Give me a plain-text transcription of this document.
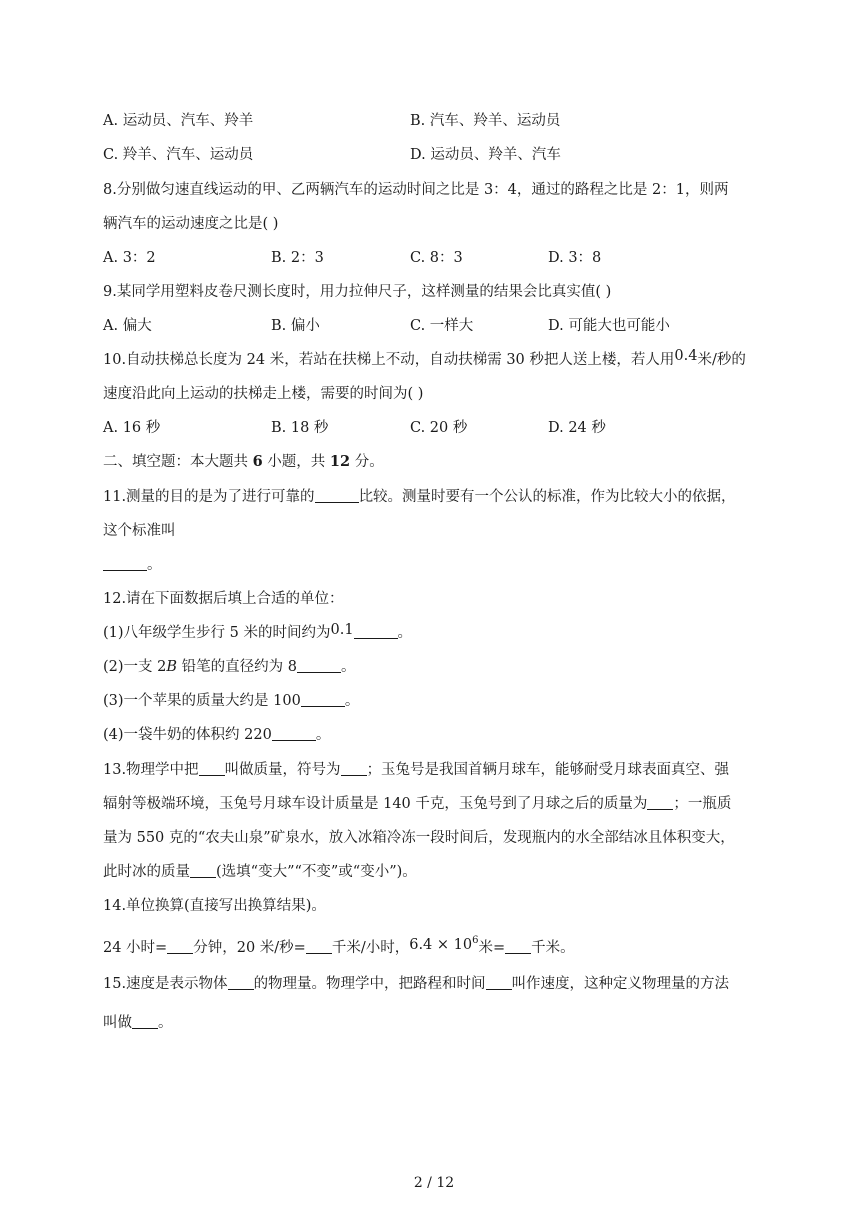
A. 运动员、汽车、羚羊	B. 汽车、羚羊、运动员
C. 羚羊、汽车、运动员	D. 运动员、羚羊、汽车
8.分别做匀速直线运动的甲、乙两辆汽车的运动时间之比是 3：4，通过的路程之比是 2：1，则两
辆汽车的运动速度之比是( )
A. 3：2	B. 2：3	C. 8：3	D. 3：8
9.某同学用塑料皮卷尺测长度时，用力拉伸尺子，这样测量的结果会比真实值( )
A. 偏大	B. 偏小	C. 一样大	D. 可能大也可能小
10.自动扶梯总长度为 24 米，若站在扶梯上不动，自动扶梯需 30 秒把人送上楼，若人用0.4米/秒的
速度沿此向上运动的扶梯走上楼，需要的时间为( )
A. 16 秒	B. 18 秒	C. 20 秒	D. 24 秒
二、填空题：本大题共 6 小题，共 12 分。
11.测量的目的是为了进行可靠的	比较。测量时要有一个公认的标准，作为比较大小的依据，
这个标准叫
。
12.请在下面数据后填上合适的单位：
(1)八年级学生步行 5 米的时间约为0.1	。
(2)一支 2B 铅笔的直径约为 8	。
(3)一个苹果的质量大约是 100	。
(4)一袋牛奶的体积约 220	。
13.物理学中把 叫做质量，符号为 ；玉兔号是我国首辆月球车，能够耐受月球表面真空、强
辐射等极端环境，玉兔号月球车设计质量是 140 千克，玉兔号到了月球之后的质量为 ；一瓶质
量为 550 克的“农夫山泉”矿泉水，放入冰箱冷冻一段时间后，发现瓶内的水全部结冰且体积变大，
此时冰的质量 (选填“变大”“不变”或“变小”)。
14.单位换算(直接写出换算结果)。
24 小时= 分钟，20 米/秒= 千米/小时，$6.4 \times 10^6$米= 千米。
15.速度是表示物体 的物理量。物理学中，把路程和时间 叫作速度，这种定义物理量的方法
叫做 。
2 / 12
